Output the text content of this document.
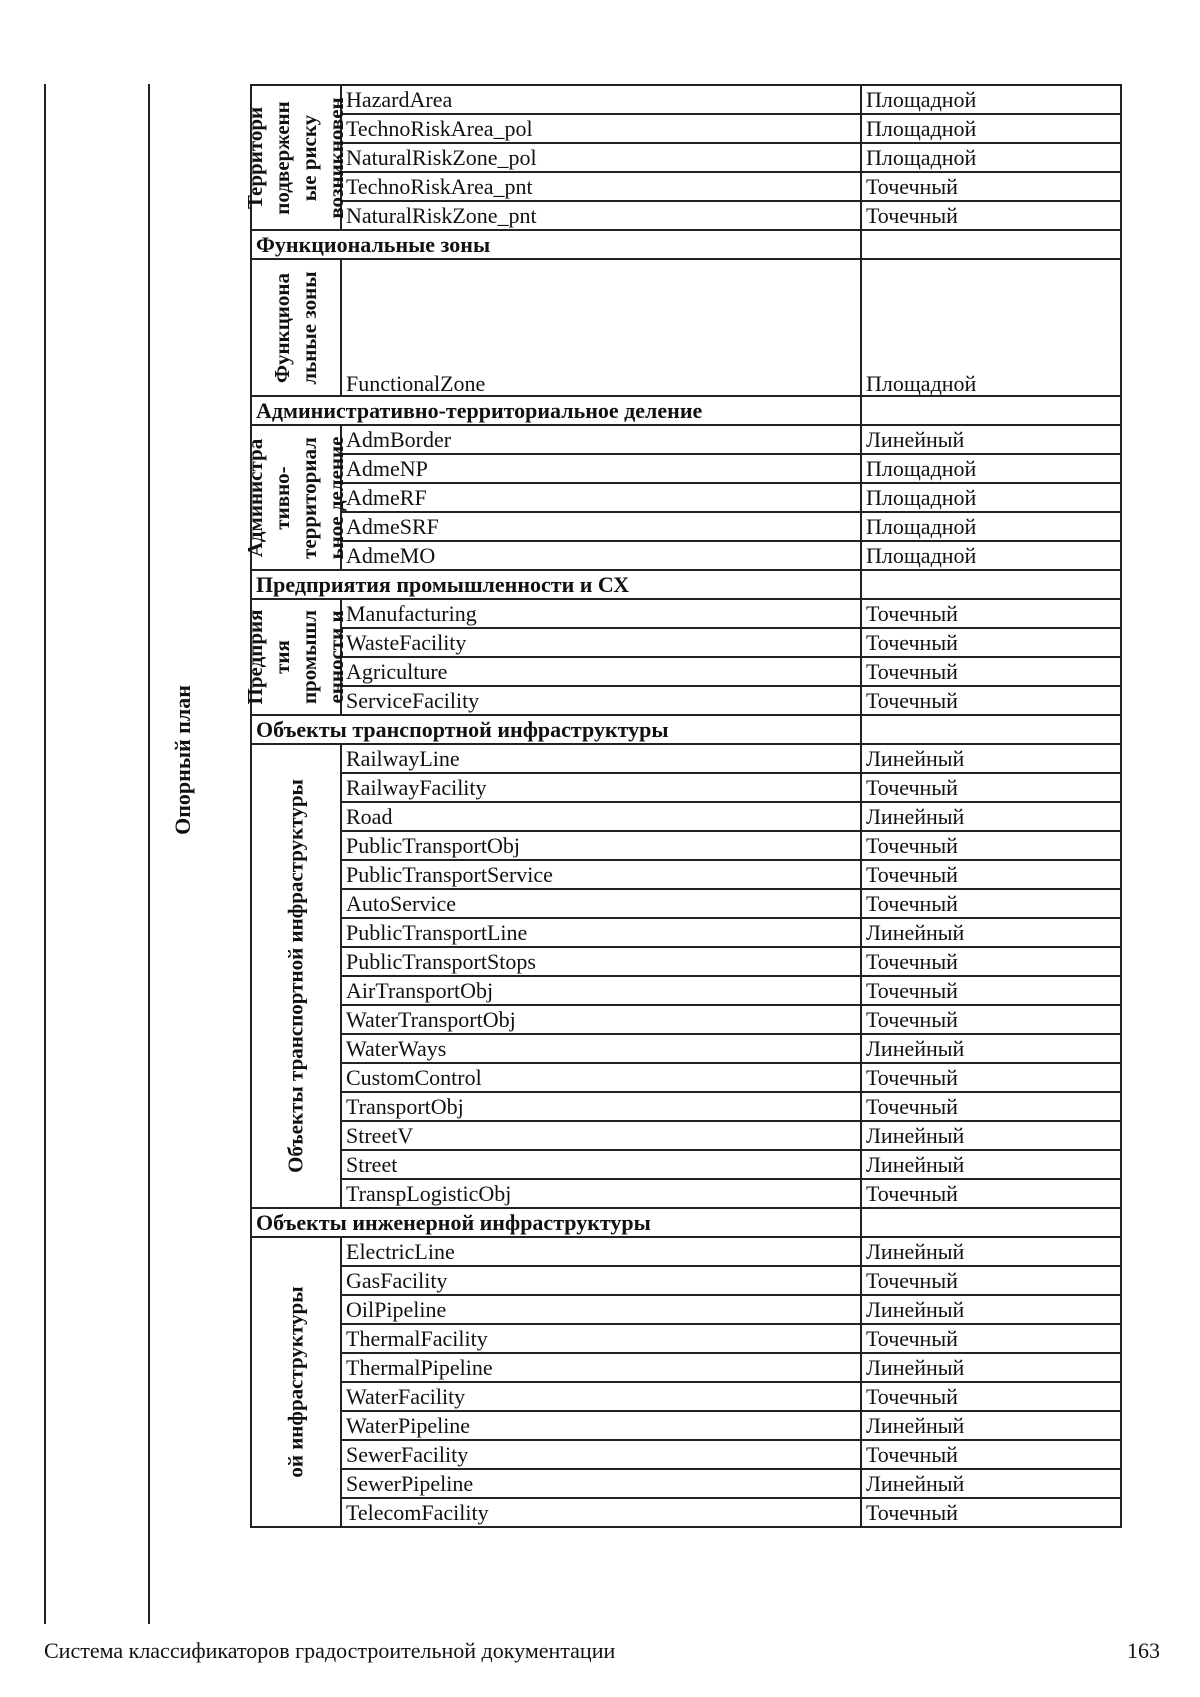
Опорный план
Территори подверженн ые риску возникновен	HazardArea	Площадной
	TechnoRiskArea_pol	Площадной
	NaturalRiskZone_pol	Площадной
	TechnoRiskArea_pnt	Точечный
	NaturalRiskZone_pnt	Точечный
Функциональные зоны		

Функциона льные зоны	FunctionalZone	Площадной
Административно-территориальное деление		

Администра тивно- территориал ьное деление	AdmBorder	Линейный
	AdmeNP	Площадной
	AdmeRF	Площадной
	AdmeSRF	Площадной
	AdmeMO	Площадной
Предприятия промышленности и СХ		

Предприя тия промышл енности и	Manufacturing	Точечный
	WasteFacility	Точечный
	Agriculture	Точечный
	ServiceFacility	Точечный
Объекты транспортной инфраструктуры		

Объекты транспортной инфраструктуры	RailwayLine	Линейный
	RailwayFacility	Точечный
	Road	Линейный
	PublicTransportObj	Точечный
	PublicTransportService	Точечный
	AutoService	Точечный
	PublicTransportLine	Линейный
	PublicTransportStops	Точечный
	AirTransportObj	Точечный
	WaterTransportObj	Точечный
	WaterWays	Линейный
	CustomControl	Точечный
	TransportObj	Точечный
	StreetV	Линейный
	Street	Линейный
	TranspLogisticObj	Точечный
Объекты инженерной инфраструктуры		

ой инфраструктуры	ElectricLine	Линейный
	GasFacility	Точечный
	OilPipeline	Линейный
	ThermalFacility	Точечный
	ThermalPipeline	Линейный
	WaterFacility	Точечный
	WaterPipeline	Линейный
	SewerFacility	Точечный
	SewerPipeline	Линейный
	TelecomFacility	Точечный
Система классификаторов градостроительной документации	163
